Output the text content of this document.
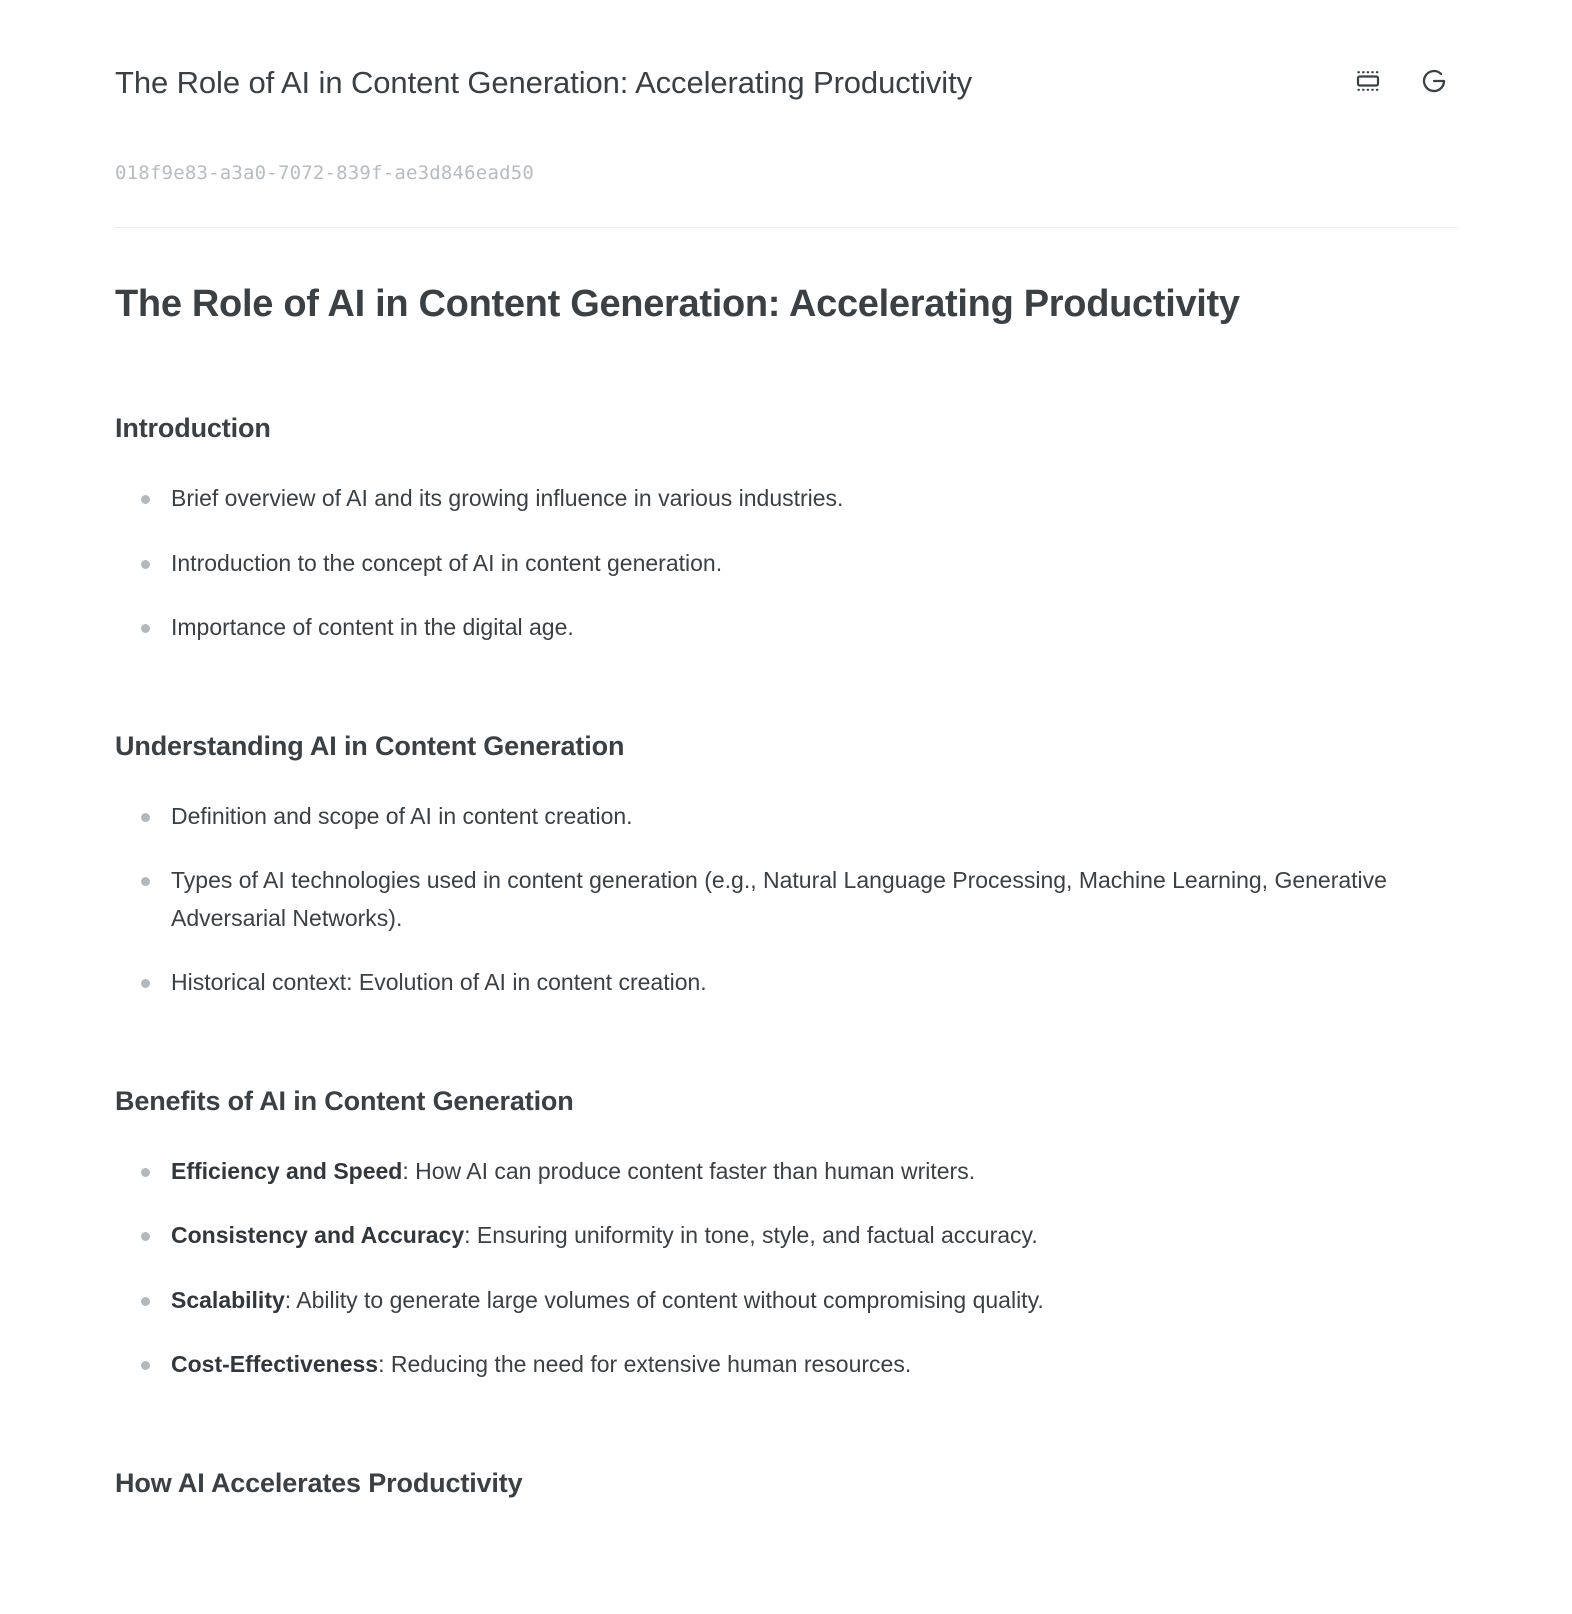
The Role of AI in Content Generation: Accelerating Productivity
018f9e83-a3a0-7072-839f-ae3d846ead50
The Role of AI in Content Generation: Accelerating Productivity
Introduction
Brief overview of AI and its growing influence in various industries.
Introduction to the concept of AI in content generation.
Importance of content in the digital age.
Understanding AI in Content Generation
Definition and scope of AI in content creation.
Types of AI technologies used in content generation (e.g., Natural Language Processing, Machine Learning, Generative Adversarial Networks).
Historical context: Evolution of AI in content creation.
Benefits of AI in Content Generation
Efficiency and Speed: How AI can produce content faster than human writers.
Consistency and Accuracy: Ensuring uniformity in tone, style, and factual accuracy.
Scalability: Ability to generate large volumes of content without compromising quality.
Cost-Effectiveness: Reducing the need for extensive human resources.
How AI Accelerates Productivity
